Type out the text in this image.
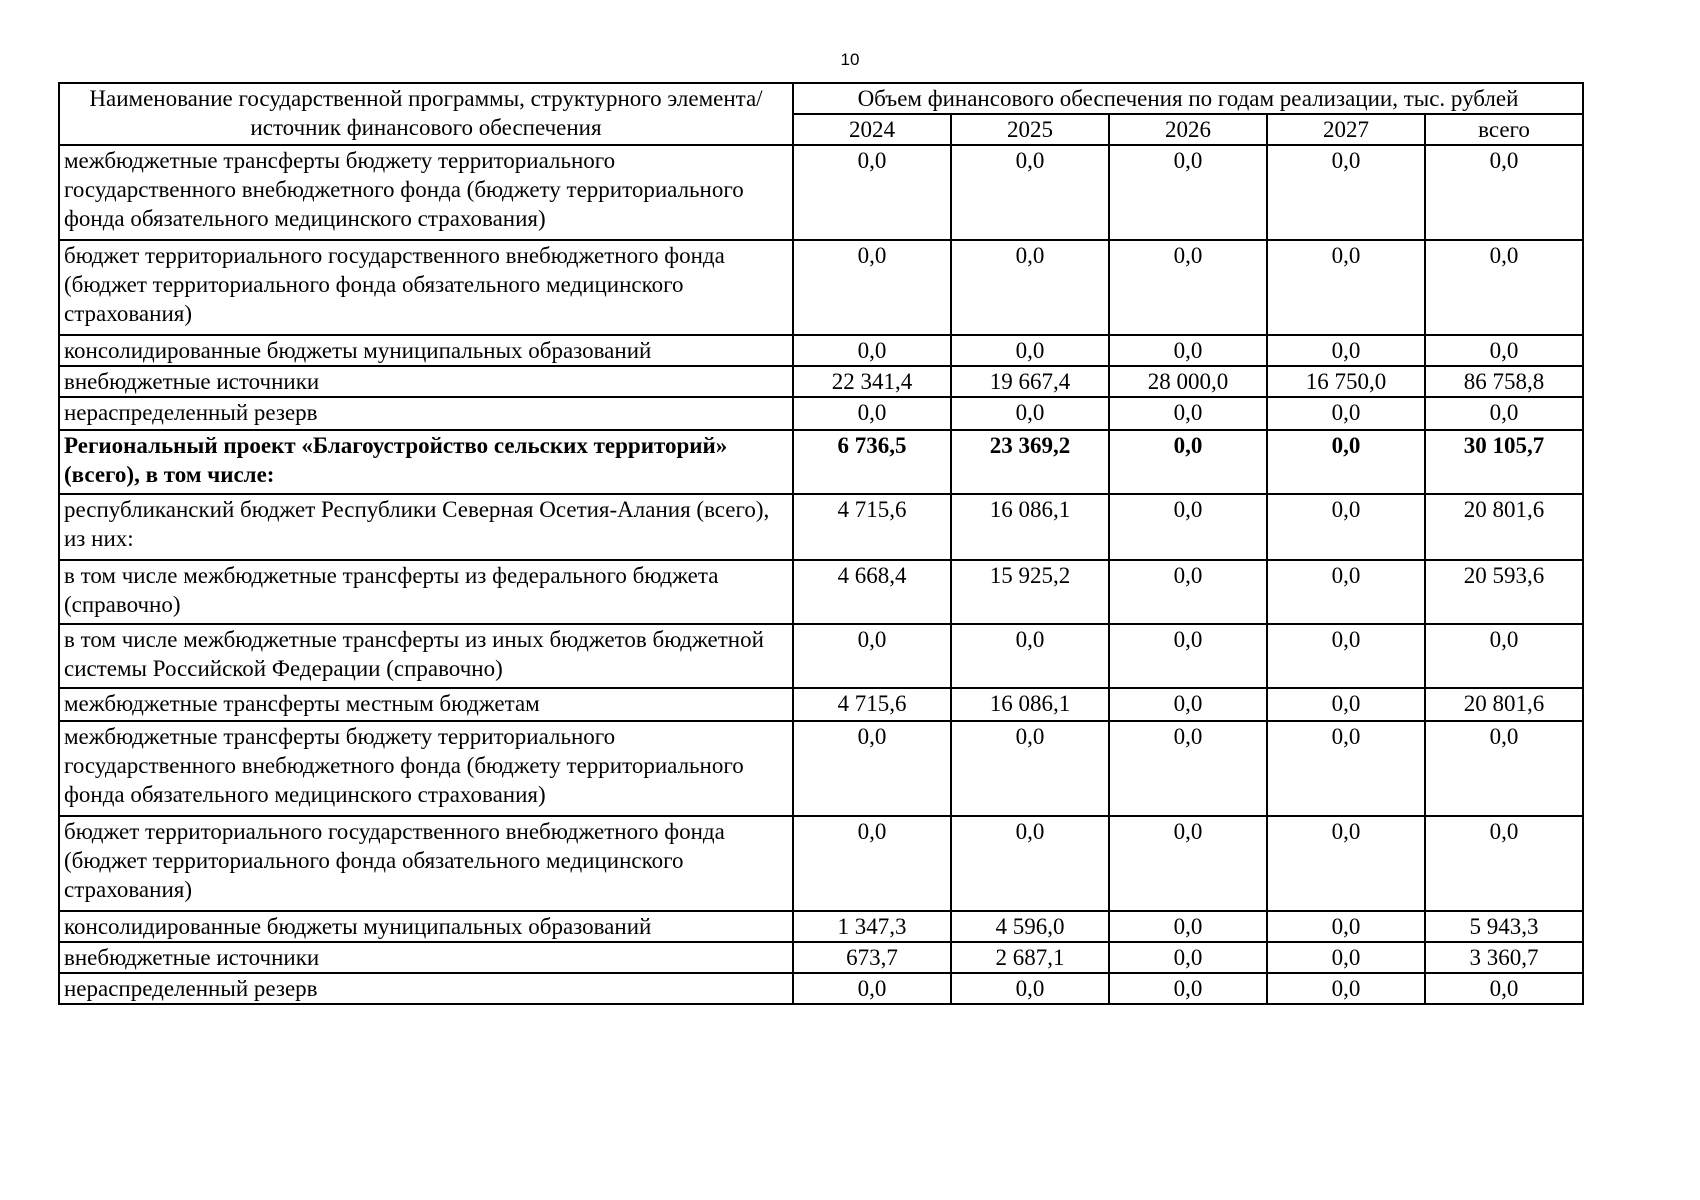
10
Наименование государственной программы, структурного элемента/источник финансового обеспечения	Объем финансового обеспечения по годам реализации, тыс. рублей				
	2024	2025	2026	2027	всего
межбюджетные трансферты бюджету территориального государственного внебюджетного фонда (бюджету территориального фонда обязательного медицинского страхования)	0,0	0,0	0,0	0,0	0,0
бюджет территориального государственного внебюджетного фонда (бюджет территориального фонда обязательного медицинского страхования)	0,0	0,0	0,0	0,0	0,0
консолидированные бюджеты муниципальных образований	0,0	0,0	0,0	0,0	0,0
внебюджетные источники	22 341,4	19 667,4	28 000,0	16 750,0	86 758,8
нераспределенный резерв	0,0	0,0	0,0	0,0	0,0
Региональный проект «Благоустройство сельских территорий» (всего), в том числе:	6 736,5	23 369,2	0,0	0,0	30 105,7
республиканский бюджет Республики Северная Осетия-Алания (всего), из них:	4 715,6	16 086,1	0,0	0,0	20 801,6
в том числе межбюджетные трансферты из федерального бюджета (справочно)	4 668,4	15 925,2	0,0	0,0	20 593,6
в том числе межбюджетные трансферты из иных бюджетов бюджетной системы Российской Федерации (справочно)	0,0	0,0	0,0	0,0	0,0
межбюджетные трансферты местным бюджетам	4 715,6	16 086,1	0,0	0,0	20 801,6
межбюджетные трансферты бюджету территориального государственного внебюджетного фонда (бюджету территориального фонда обязательного медицинского страхования)	0,0	0,0	0,0	0,0	0,0
бюджет территориального государственного внебюджетного фонда (бюджет территориального фонда обязательного медицинского страхования)	0,0	0,0	0,0	0,0	0,0
консолидированные бюджеты муниципальных образований	1 347,3	4 596,0	0,0	0,0	5 943,3
внебюджетные источники	673,7	2 687,1	0,0	0,0	3 360,7
нераспределенный резерв	0,0	0,0	0,0	0,0	0,0
